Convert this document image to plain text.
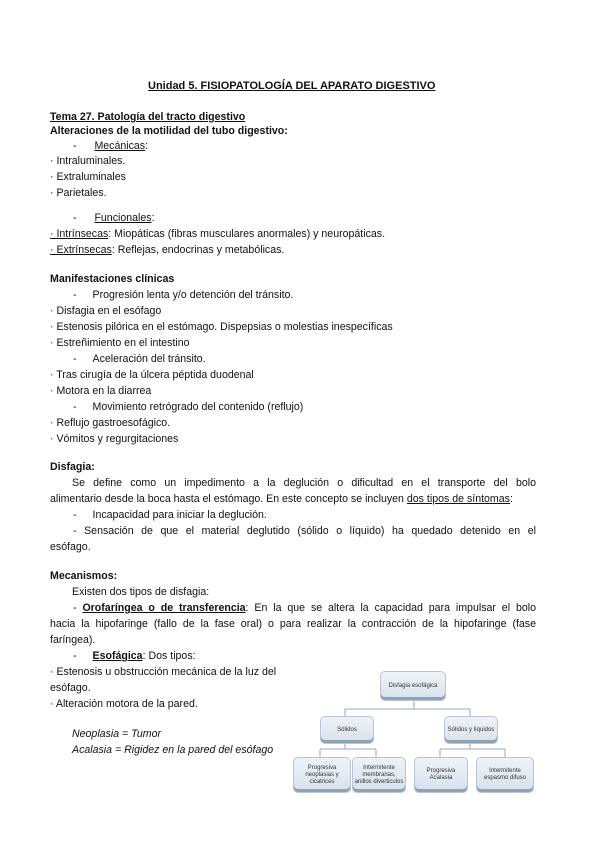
Unidad 5. FISIOPATOLOGÍA DEL APARATO DIGESTIVO
Tema 27. Patología del tracto digestivo
Alteraciones de la motilidad del tubo digestivo:
- Mecánicas:
· Intraluminales.
· Extraluminales
· Parietales.
- Funcionales:
· Intrínsecas: Miopáticas (fibras musculares anormales) y neuropáticas.
· Extrínsecas: Reflejas, endocrinas y metabólicas.
Manifestaciones clínicas
- Progresión lenta y/o detención del tránsito.
· Disfagia en el esófago
· Estenosis pilórica en el estómago. Dispepsias o molestias inespecíficas
· Estreñimiento en el intestino
- Aceleración del tránsito.
· Tras cirugía de la úlcera péptida duodenal
· Motora en la diarrea
- Movimiento retrógrado del contenido (reflujo)
· Reflujo gastroesofágico.
· Vómitos y regurgitaciones
Disfagia:
Se define como un impedimento a la deglución o dificultad en el transporte del bolo
alimentario desde la boca hasta el estómago. En este concepto se incluyen dos tipos de síntomas:
- Incapacidad para iniciar la deglución.
- Sensación de que el material deglutido (sólido o líquido) ha quedado detenido en el
esófago.
Mecanismos:
Existen dos tipos de disfagia:
- Orofaríngea o de transferencia: En la que se altera la capacidad para impulsar el bolo
hacia la hipofaringe (fallo de la fase oral) o para realizar la contracción de la hipofaringe (fase
faríngea).
- Esofágica: Dos tipos:
· Estenosis u obstrucción mecánica de la luz del
esófago.
· Alteración motora de la pared.
Neoplasia = Tumor
Acalasia = Rigidez en la pared del esófago
Disfagia esofágica
Sólidos	Sólidos y líquidos
Progresiva neoplasias y cicatrices
Intermitente membranas, anillos diverticulos
Progresiva Acalasia
Intermitente espasmo difuso
